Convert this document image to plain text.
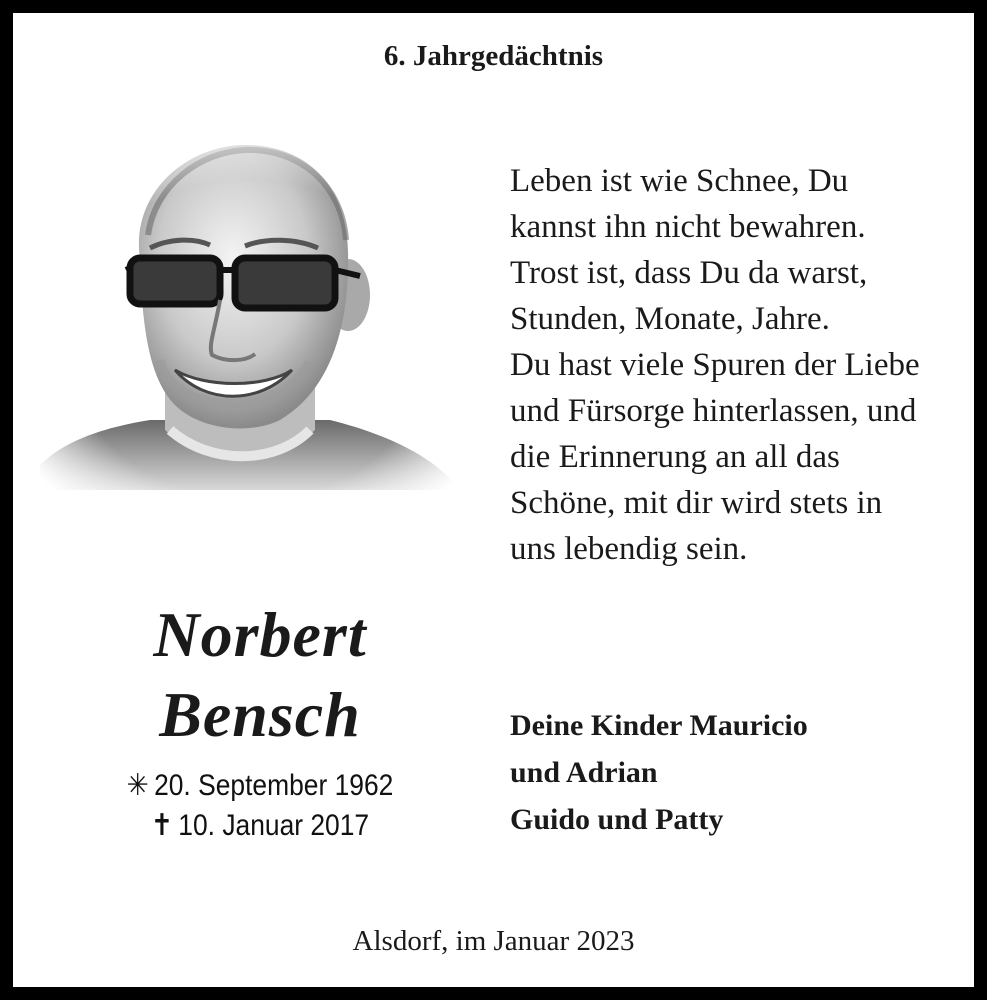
6. Jahrgedächtnis
Leben ist wie Schnee, Du
kannst ihn nicht bewahren.
Trost ist, dass Du da warst,
Stunden, Monate, Jahre.
Du hast viele Spuren der Liebe
und Fürsorge hinterlassen, und
die Erinnerung an all das
Schöne, mit dir wird stets in
uns lebendig sein.
Norbert
Bensch
✳ 20. September 1962
✝ 10. Januar 2017
Deine Kinder Mauricio
und Adrian
Guido und Patty
Alsdorf, im Januar 2023
